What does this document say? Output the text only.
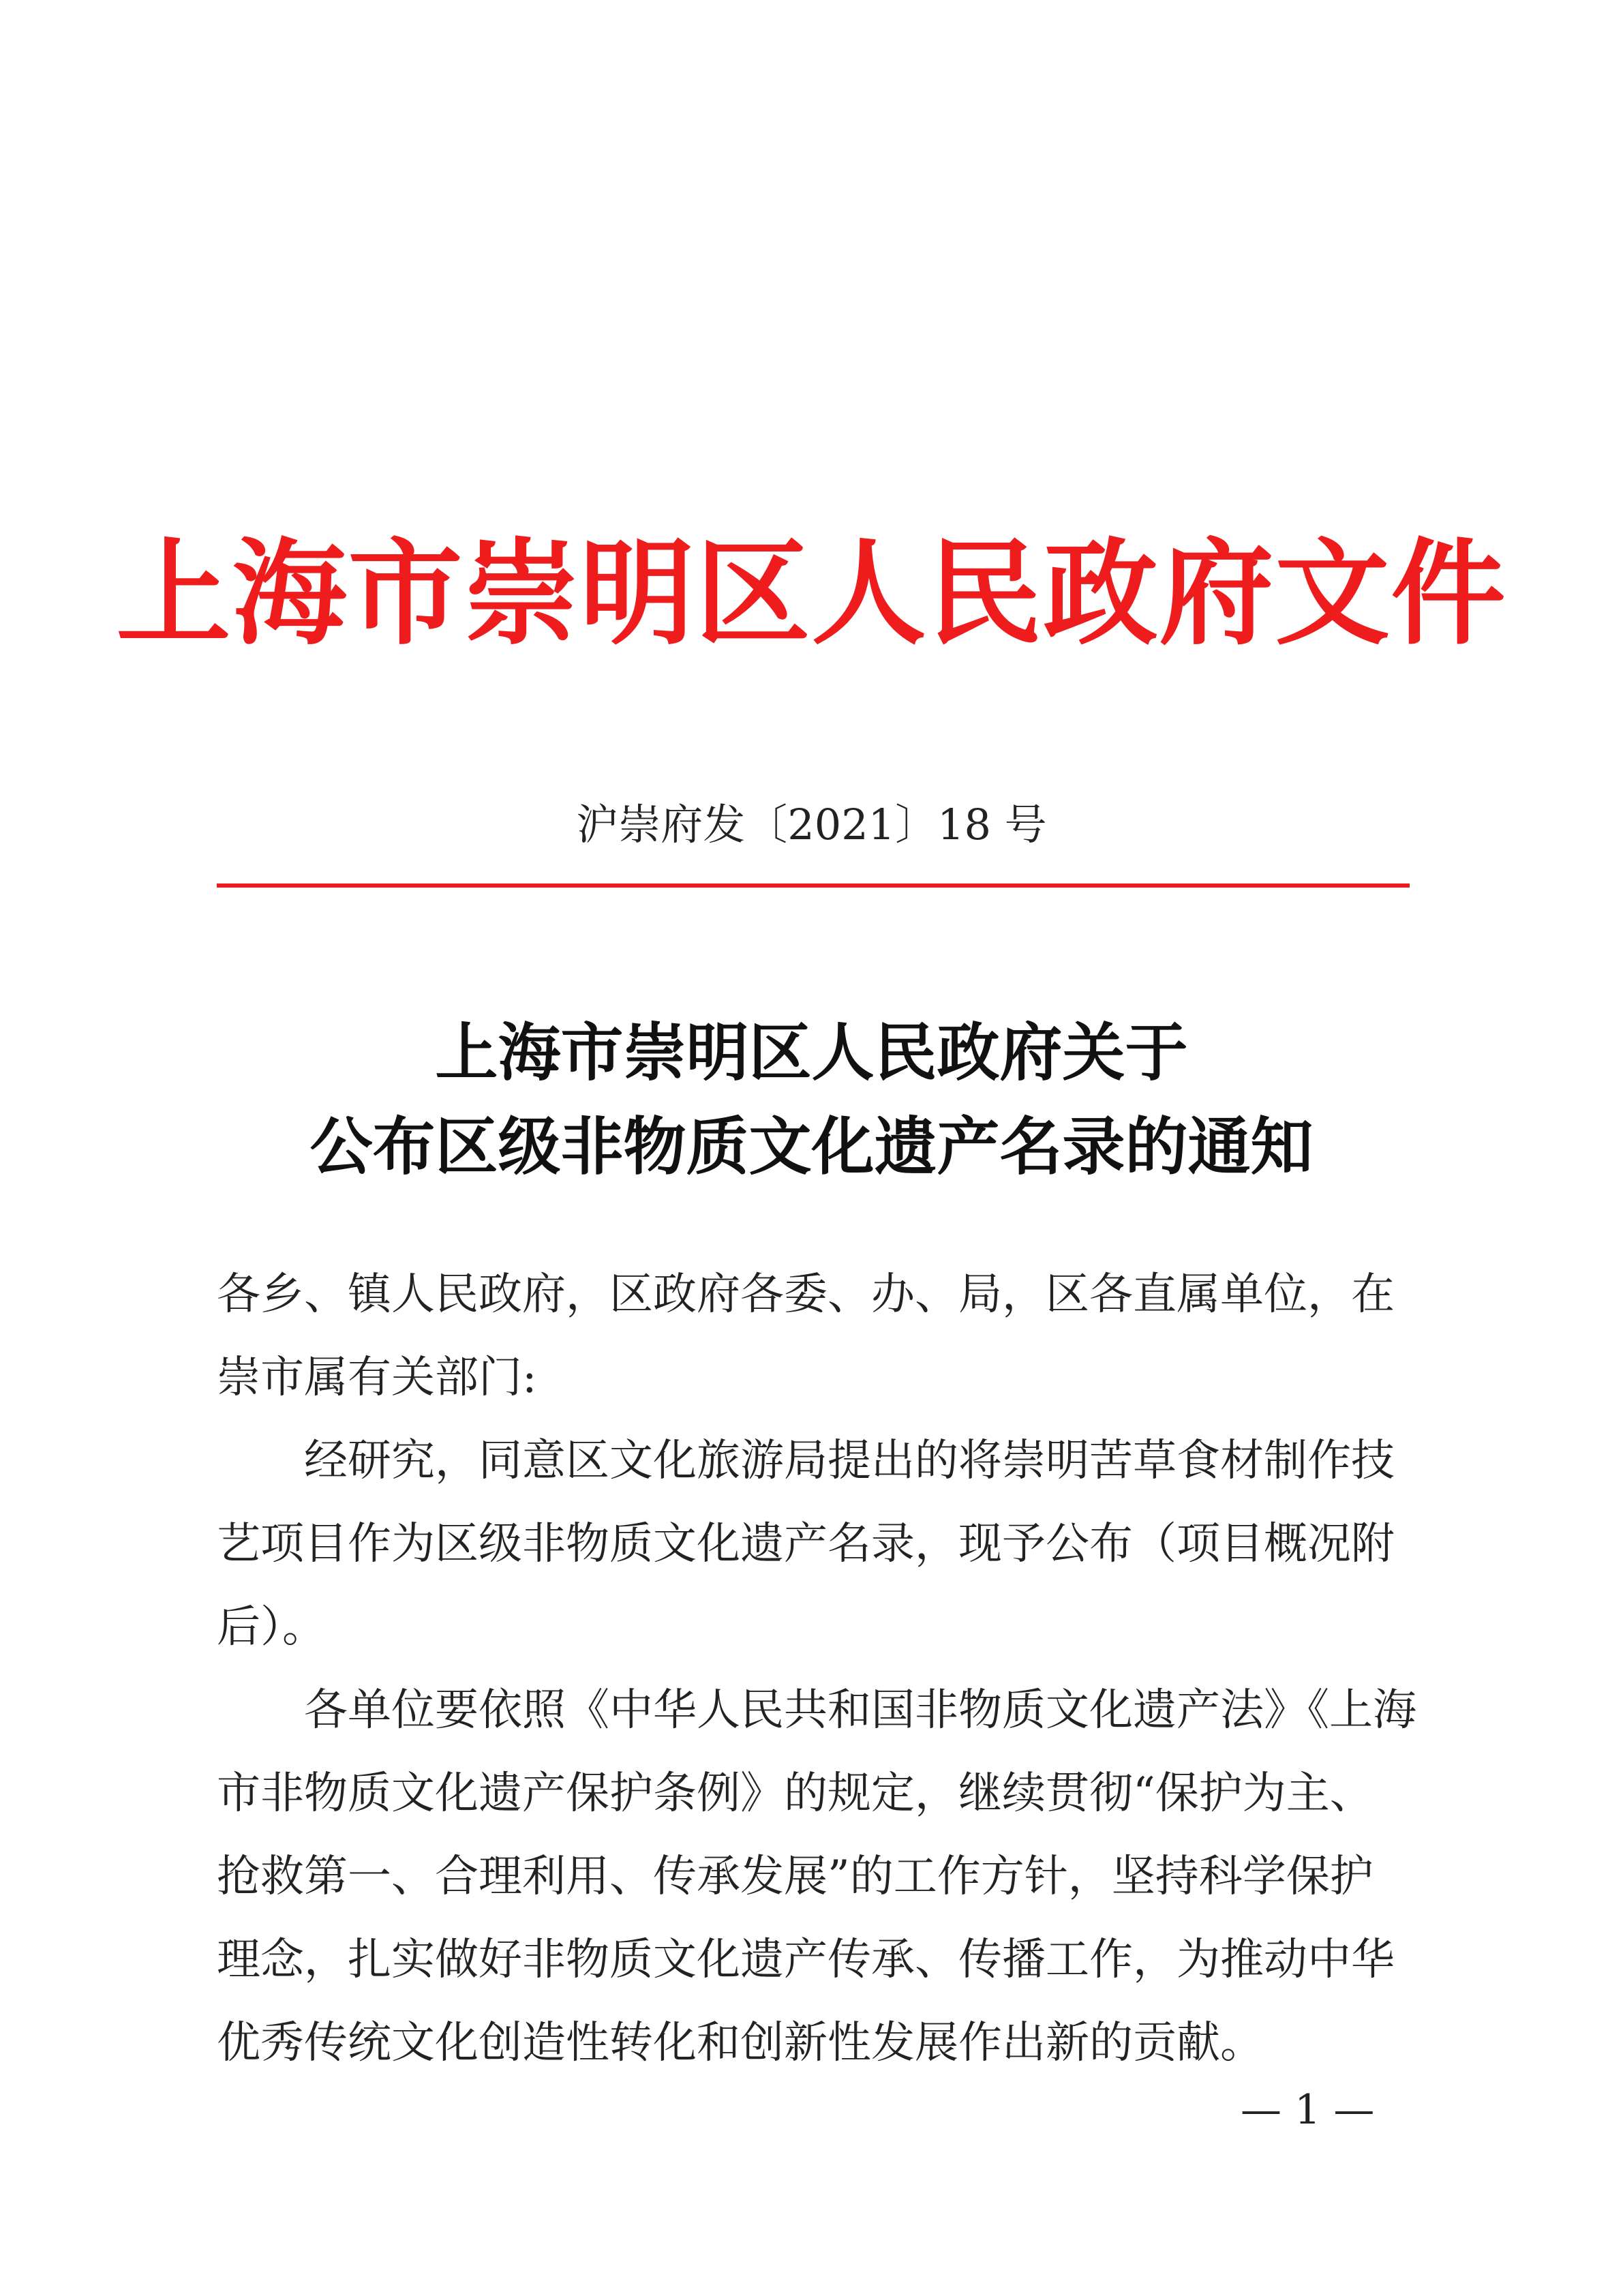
上海市崇明区人民政府文件
沪崇府发〔2021〕18 号
上海市崇明区人民政府关于
公布区级非物质文化遗产名录的通知

各乡、镇人民政府，区政府各委、办、局，区各直属单位，在崇市属有关部门:

经研究，同意区文化旅游局提出的将崇明苦草食材制作技艺项目作为区级非物质文化遗产名录，现予公布（项目概况附后）。

各单位要依照《中华人民共和国非物质文化遗产法》《上海市非物质文化遗产保护条例》的规定，继续贯彻“保护为主、抢救第一、合理利用、传承发展”的工作方针，坚持科学保护理念，扎实做好非物质文化遗产传承、传播工作，为推动中华优秀传统文化创造性转化和创新性发展作出新的贡献。

— 1 —
